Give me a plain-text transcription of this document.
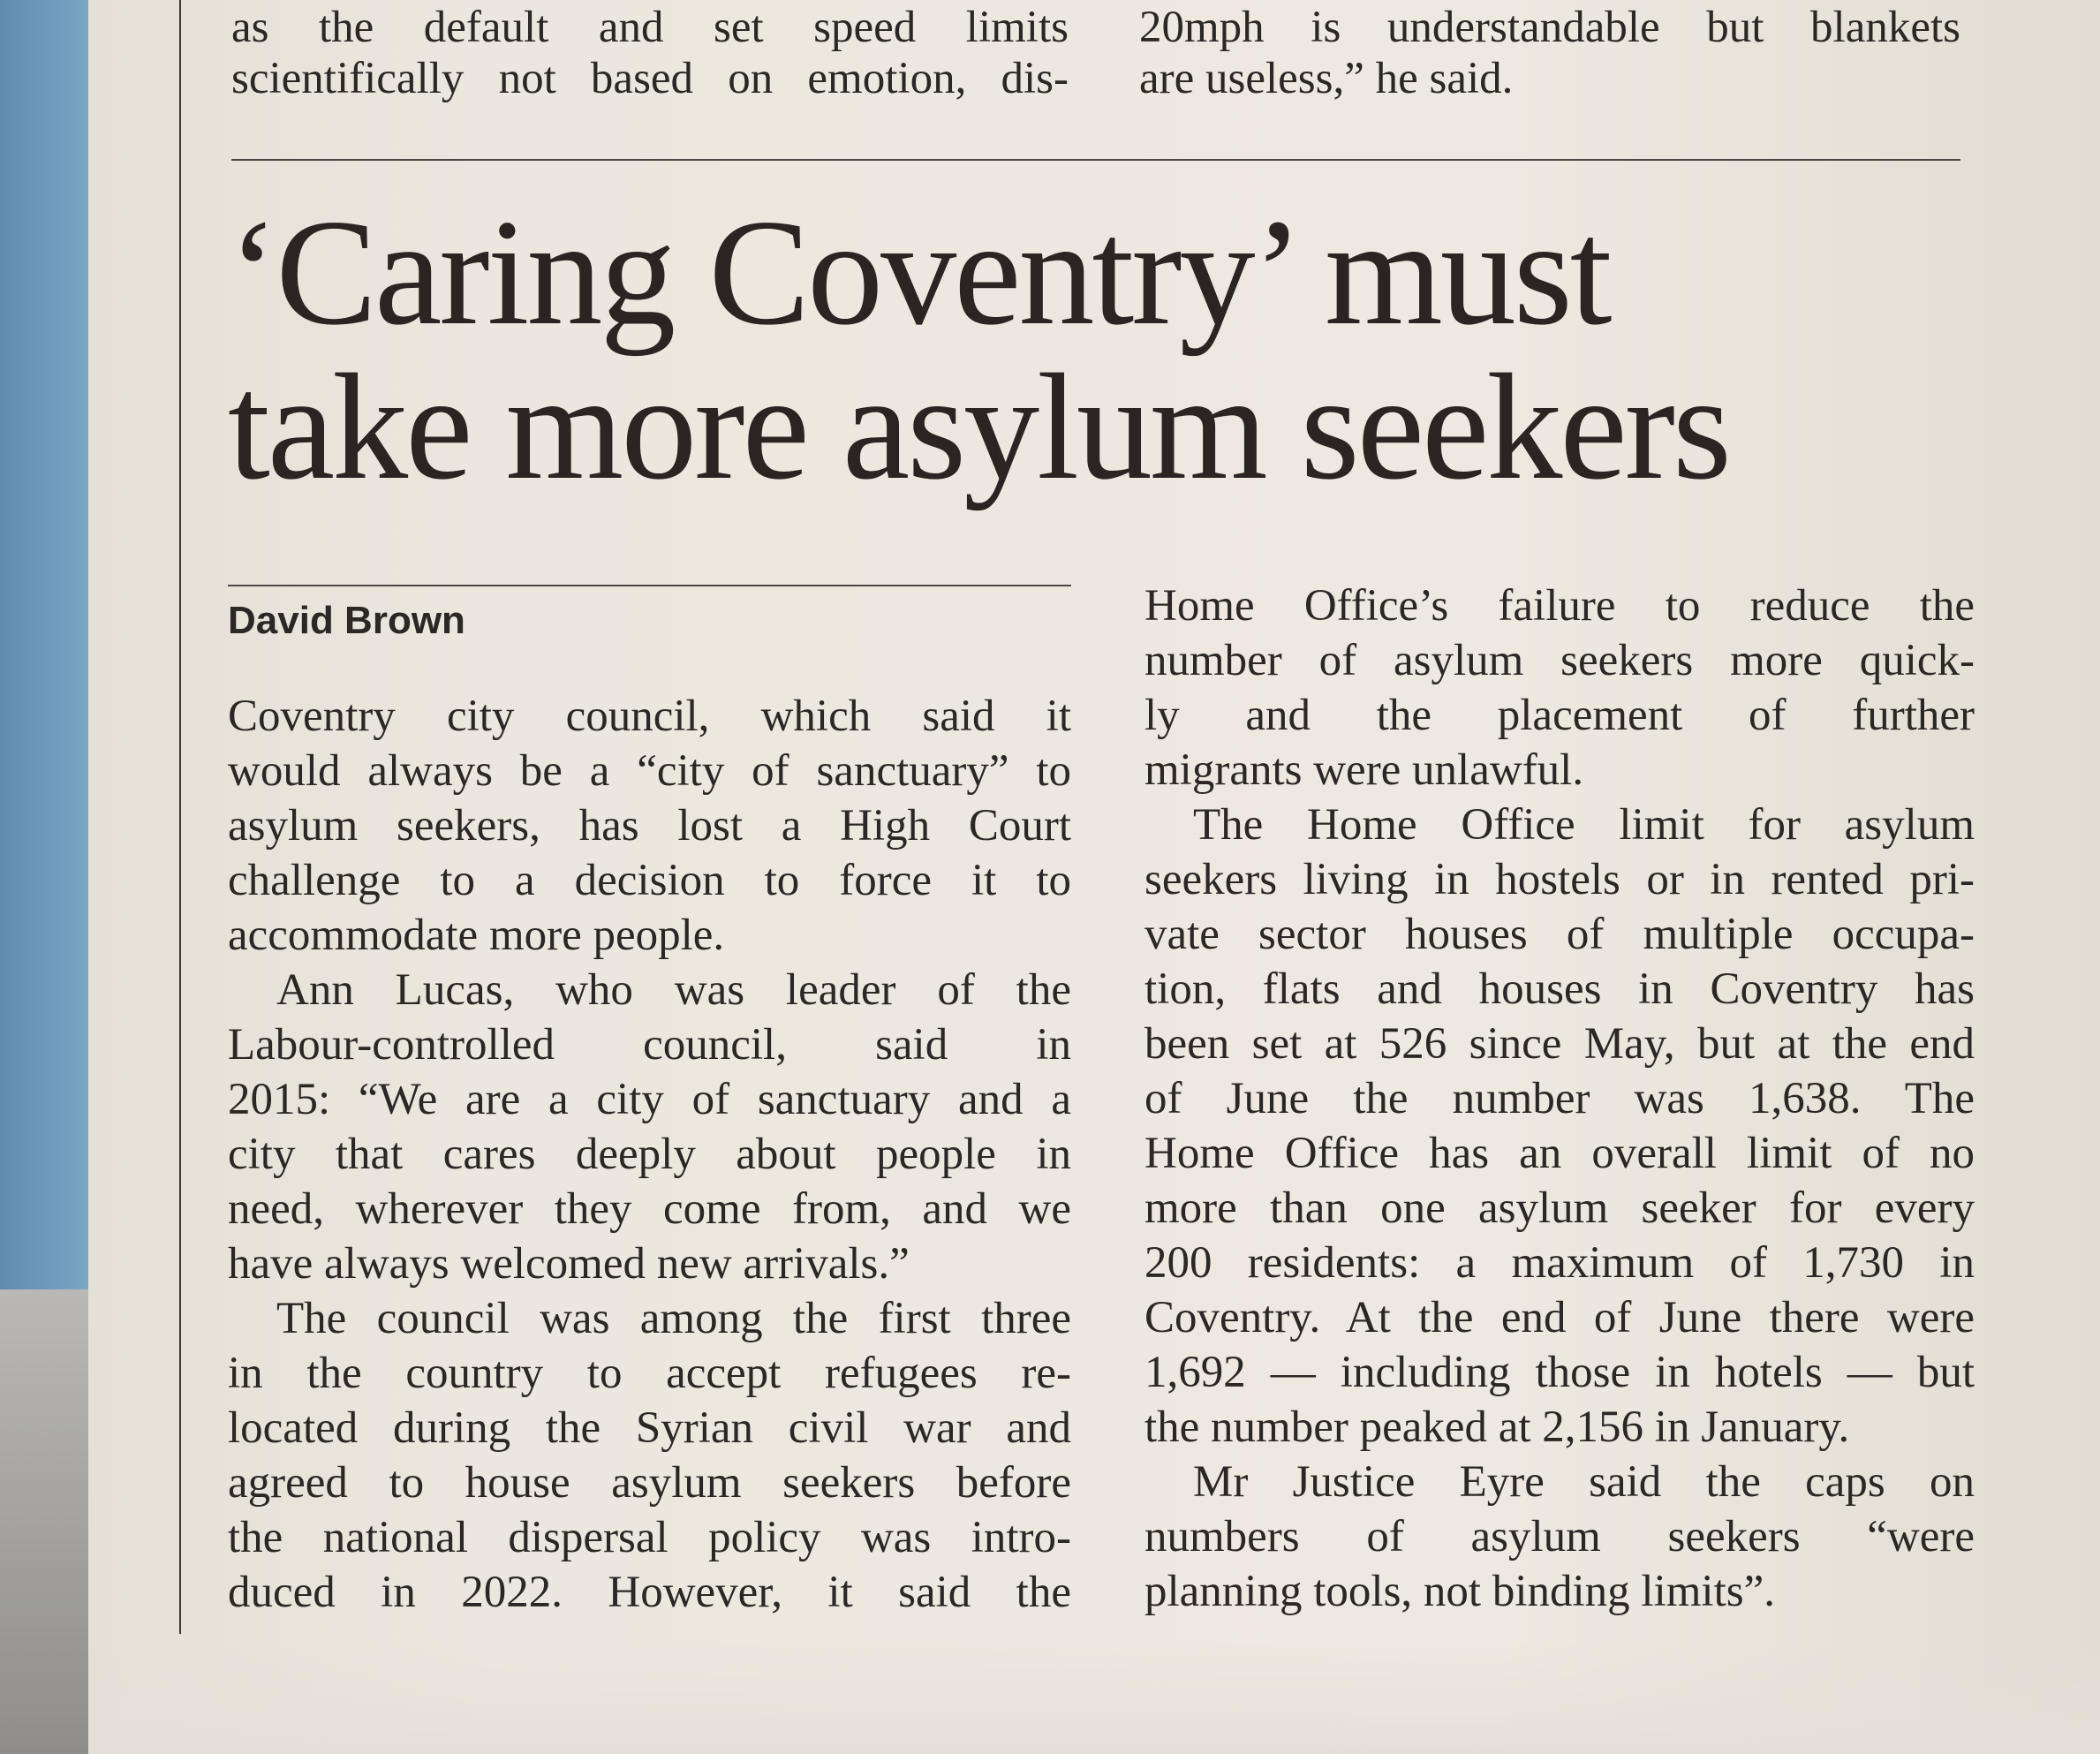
as the default and set speed limits
scientifically not based on emotion, dis-
20mph is understandable but blankets
are useless,” he said.
‘Caring Coventry’ must
take more asylum seekers

David Brown

Coventry city council, which said it
would always be a “city of sanctuary” to
asylum seekers, has lost a High Court
challenge to a decision to force it to
accommodate more people.
Ann Lucas, who was leader of the
Labour-controlled council, said in
2015: “We are a city of sanctuary and a
city that cares deeply about people in
need, wherever they come from, and we
have always welcomed new arrivals.”
The council was among the first three
in the country to accept refugees re-
located during the Syrian civil war and
agreed to house asylum seekers before
the national dispersal policy was intro-
duced in 2022. However, it said the
Home Office’s failure to reduce the
number of asylum seekers more quick-
ly and the placement of further
migrants were unlawful.
The Home Office limit for asylum
seekers living in hostels or in rented pri-
vate sector houses of multiple occupa-
tion, flats and houses in Coventry has
been set at 526 since May, but at the end
of June the number was 1,638. The
Home Office has an overall limit of no
more than one asylum seeker for every
200 residents: a maximum of 1,730 in
Coventry. At the end of June there were
1,692 — including those in hotels — but
the number peaked at 2,156 in January.
Mr Justice Eyre said the caps on
numbers of asylum seekers “were
planning tools, not binding limits”.
